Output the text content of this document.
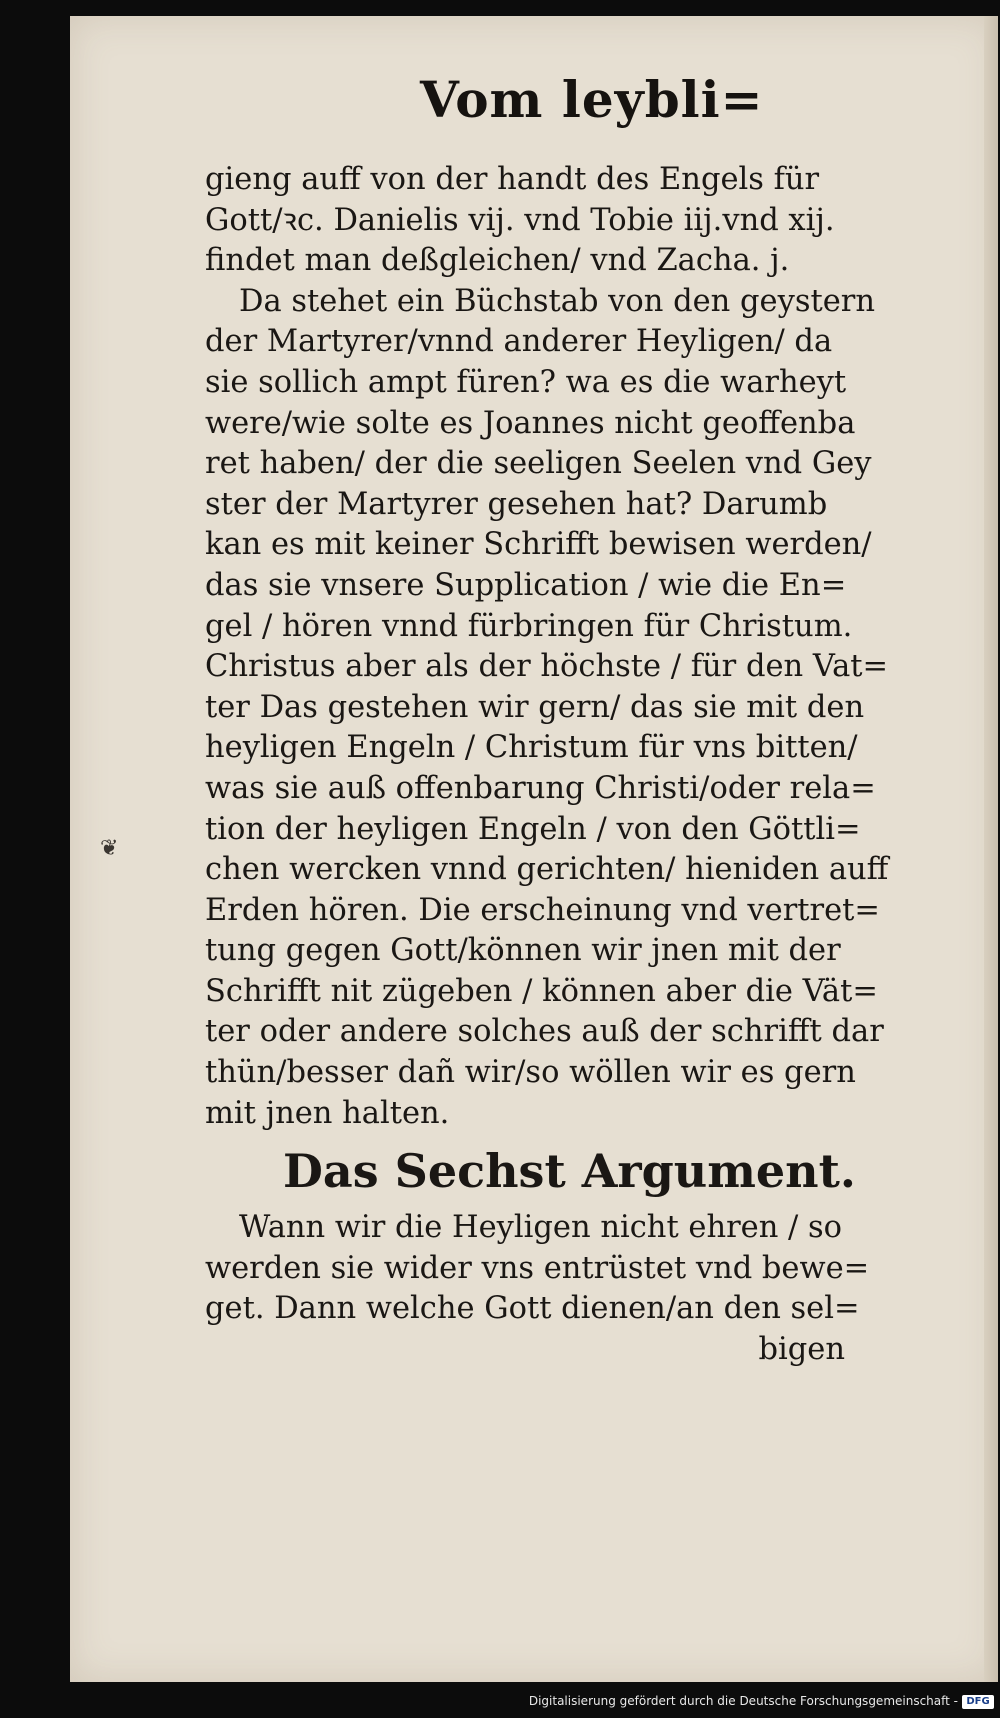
Vom leybli=
❦
gieng auff von der handt des Engels für
Gott/ꝛc. Danielis vij. vnd Tobie iij.vnd xij.
findet man deßgleichen/ vnd Zacha. j.
Da stehet ein Büchstab von den geystern
der Martyrer/vnnd anderer Heyligen/ da
sie sollich ampt füren? wa es die warheyt
were/wie solte es Joannes nicht geoffenba
ret haben/ der die seeligen Seelen vnd Gey
ster der Martyrer gesehen hat? Darumb
kan es mit keiner Schrifft bewisen werden/
das sie vnsere Supplication / wie die En=
gel / hören vnnd fürbringen für Christum.
Christus aber als der höchste / für den Vat=
ter Das gestehen wir gern/ das sie mit den
heyligen Engeln / Christum für vns bitten/
was sie auß offenbarung Christi/oder rela=
tion der heyligen Engeln / von den Göttli=
chen wercken vnnd gerichten/ hieniden auff
Erden hören. Die erscheinung vnd vertret=
tung gegen Gott/können wir jnen mit der
Schrifft nit zügeben / können aber die Vät=
ter oder andere solches auß der schrifft dar
thün/besser dañ wir/so wöllen wir es gern
mit jnen halten.
Das Sechst Argument.
Wann wir die Heyligen nicht ehren / so
werden sie wider vns entrüstet vnd bewe=
get. Dann welche Gott dienen/an den sel=
bigen
Digitalisierung gefördert durch die Deutsche Forschungsgemeinschaft - DFG
